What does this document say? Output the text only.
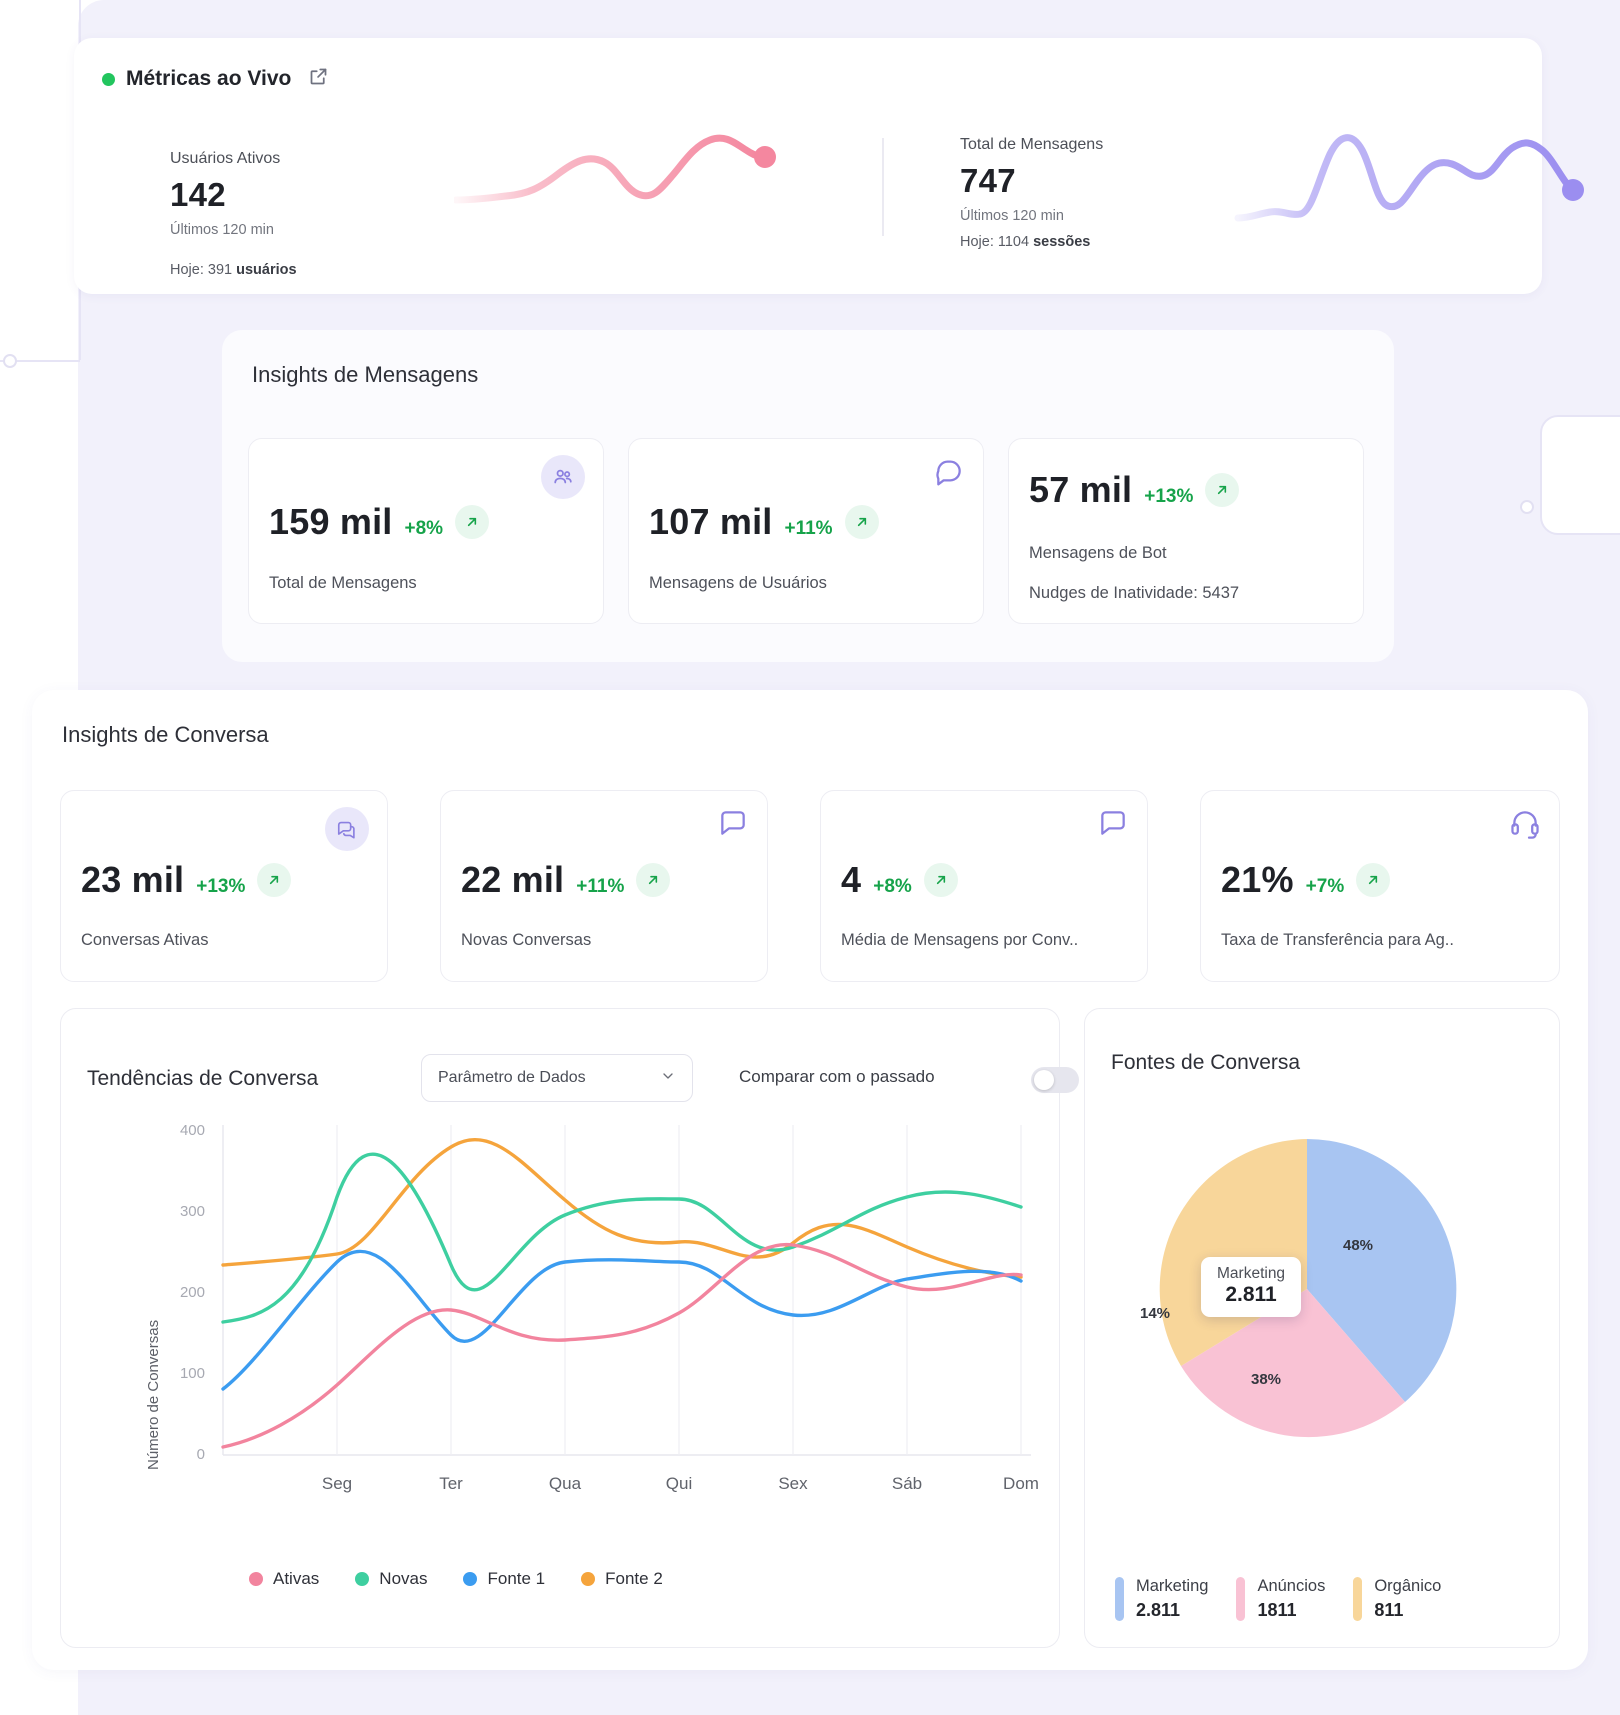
Métricas ao Vivo
Usuários Ativos
142
Últimos 120 min
Hoje: 391 usuários
Total de Mensagens
747
Últimos 120 min
Hoje: 1104 sessões
Insights de Mensagens
159 mil +8%
Total de Mensagens
107 mil +11%
Mensagens de Usuários
57 mil +13%
Mensagens de Bot
Nudges de Inatividade: 5437
Insights de Conversa
23 mil +13%
Conversas Ativas
22 mil +11%
Novas Conversas
4 +8%
Média de Mensagens por Conv..
21% +7%
Taxa de Transferência para Ag..
Tendências de Conversa	Parâmetro de Dados	Comparar com o passado
Número de Conversas
400
300
200
100
0
Seg	Ter	Qua	Qui	Sex	Sáb	Dom
Ativas	Novas	Fonte 1	Fonte 2
Fontes de Conversa
48%
38%
14%
Marketing
2.811
Marketing
2.811
Anúncios
1811
Orgânico
811
